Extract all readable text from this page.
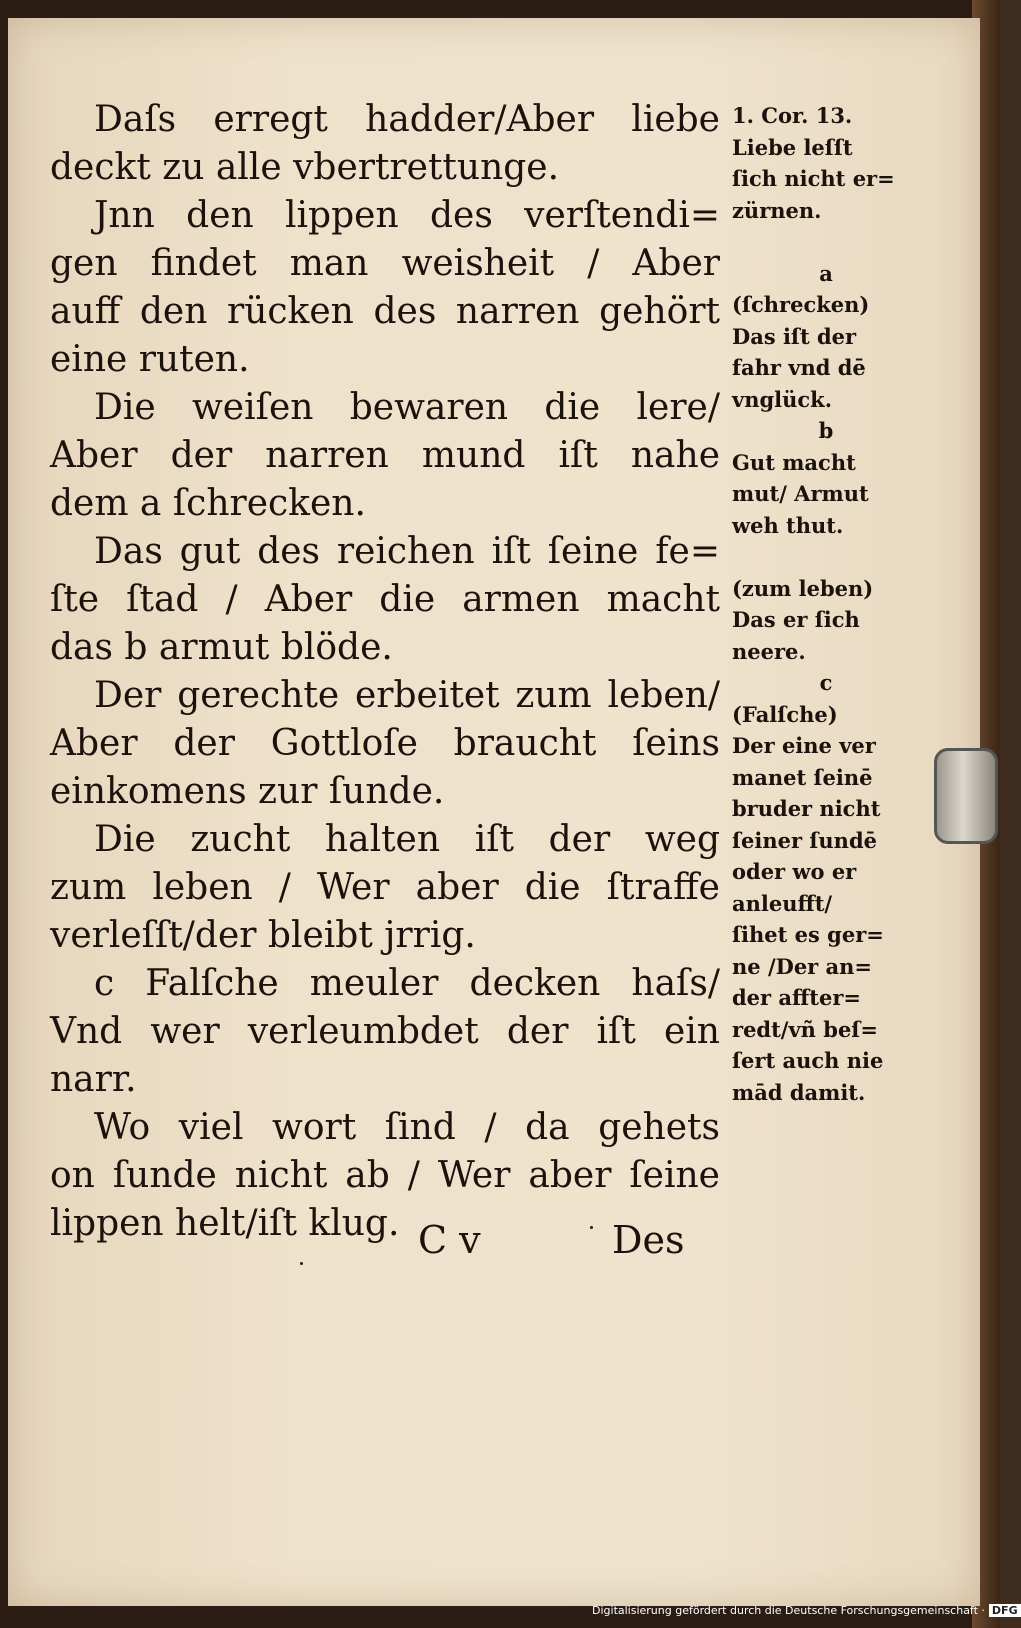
Daſs erregt hadder/Aber liebe
deckt zu alle vbertrettunge.
Jnn den lippen des verſtendi=
gen findet man weisheit / Aber
auff den rücken des narren gehört
eine ruten.
Die weiſen bewaren die lere/
Aber der narren mund iſt nahe
dem a ſchrecken.
Das gut des reichen iſt ſeine fe=
ſte ſtad / Aber die armen macht
das b armut blöde.
Der gerechte erbeitet zum leben/
Aber der Gottloſe braucht ſeins
einkomens zur ſunde.
Die zucht halten iſt der weg
zum leben / Wer aber die ſtraffe
verleſſt/der bleibt jrrig.
c Falſche meuler decken haſs/
Vnd wer verleumbdet der iſt ein
narr.
Wo viel wort ſind / da gehets
on ſunde nicht ab / Wer aber ſeine
lippen helt/iſt klug. C v	Des
1. Cor. 13.
Liebe leſſt
ſich nicht er=
zürnen.
a
(ſchrecken)
Das iſt der
fahr vnd dē
vnglück.
b
Gut macht
mut/ Armut
weh thut.
(zum leben)
Das er ſich
neere.
c
(Falſche)
Der eine ver
manet ſeinē
bruder nicht
ſeiner ſundē
oder wo er
anleufft/
ſihet es ger=
ne /Der an=
der affter=
redt/vñ beſ=
ſert auch nie
mād damit.
Digitalisierung gefördert durch die Deutsche Forschungsgemeinschaft · DFG
